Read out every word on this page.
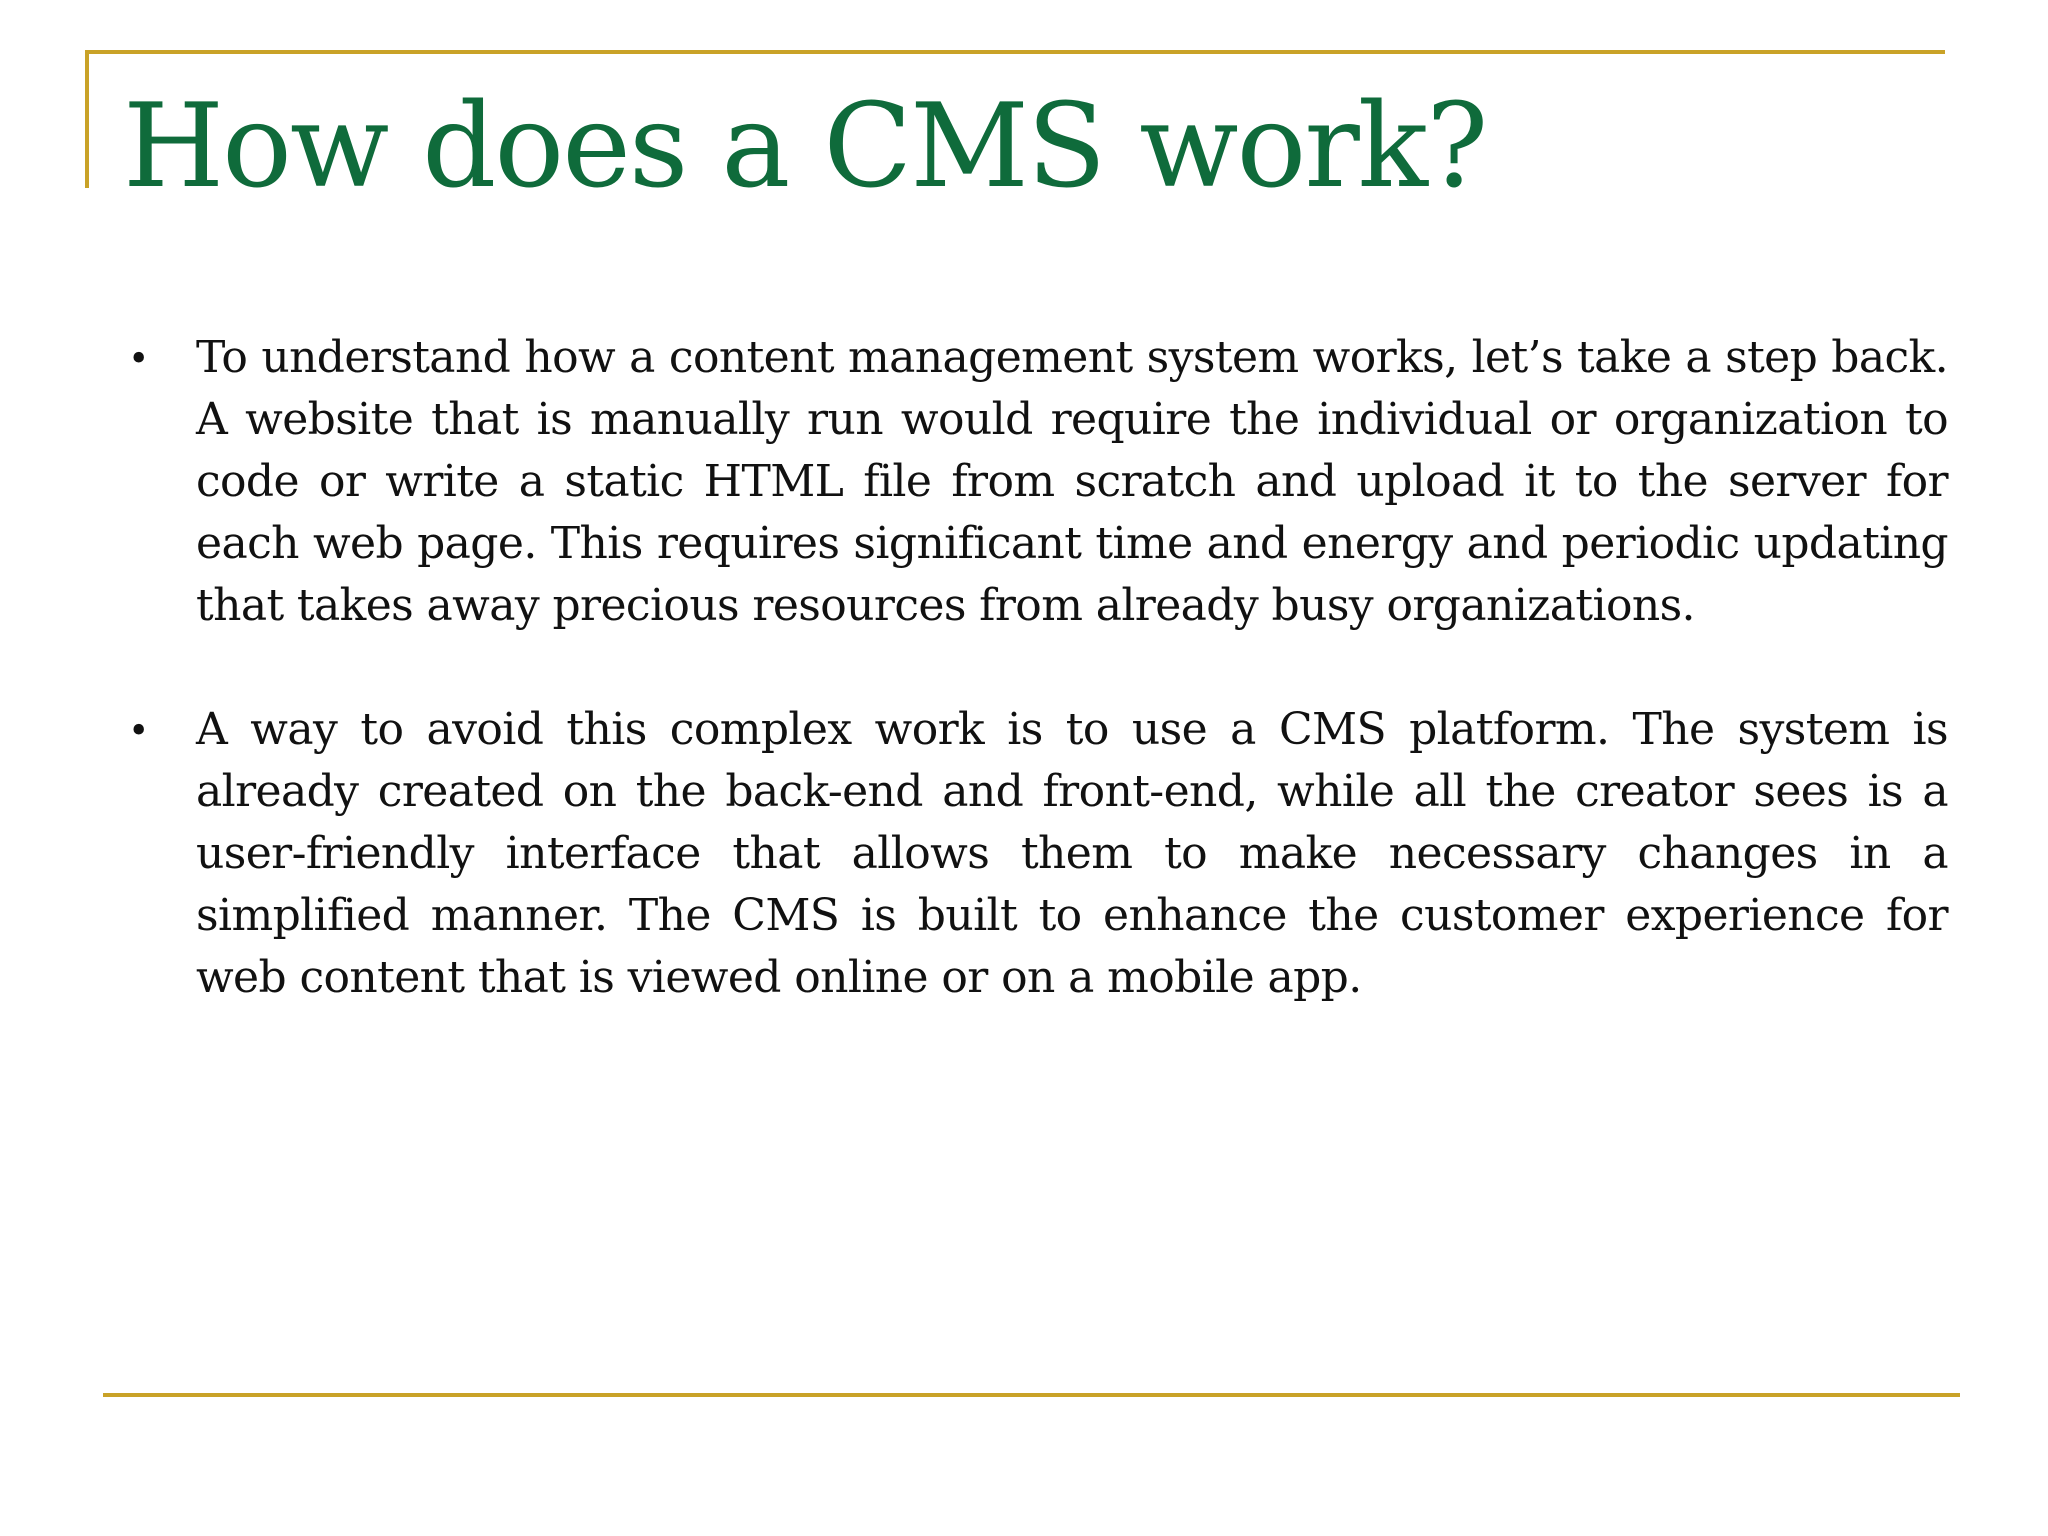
How does a CMS work?
• To understand how a content management system works, let’s take a step back. A website that is manually run would require the individual or organization to code or write a static HTML file from scratch and upload it to the server for each web page. This requires significant time and energy and periodic updating that takes away precious resources from already busy organizations.
• A way to avoid this complex work is to use a CMS platform. The system is already created on the back-end and front-end, while all the creator sees is a user-friendly interface that allows them to make necessary changes in a simplified manner. The CMS is built to enhance the customer experience for web content that is viewed online or on a mobile app.
